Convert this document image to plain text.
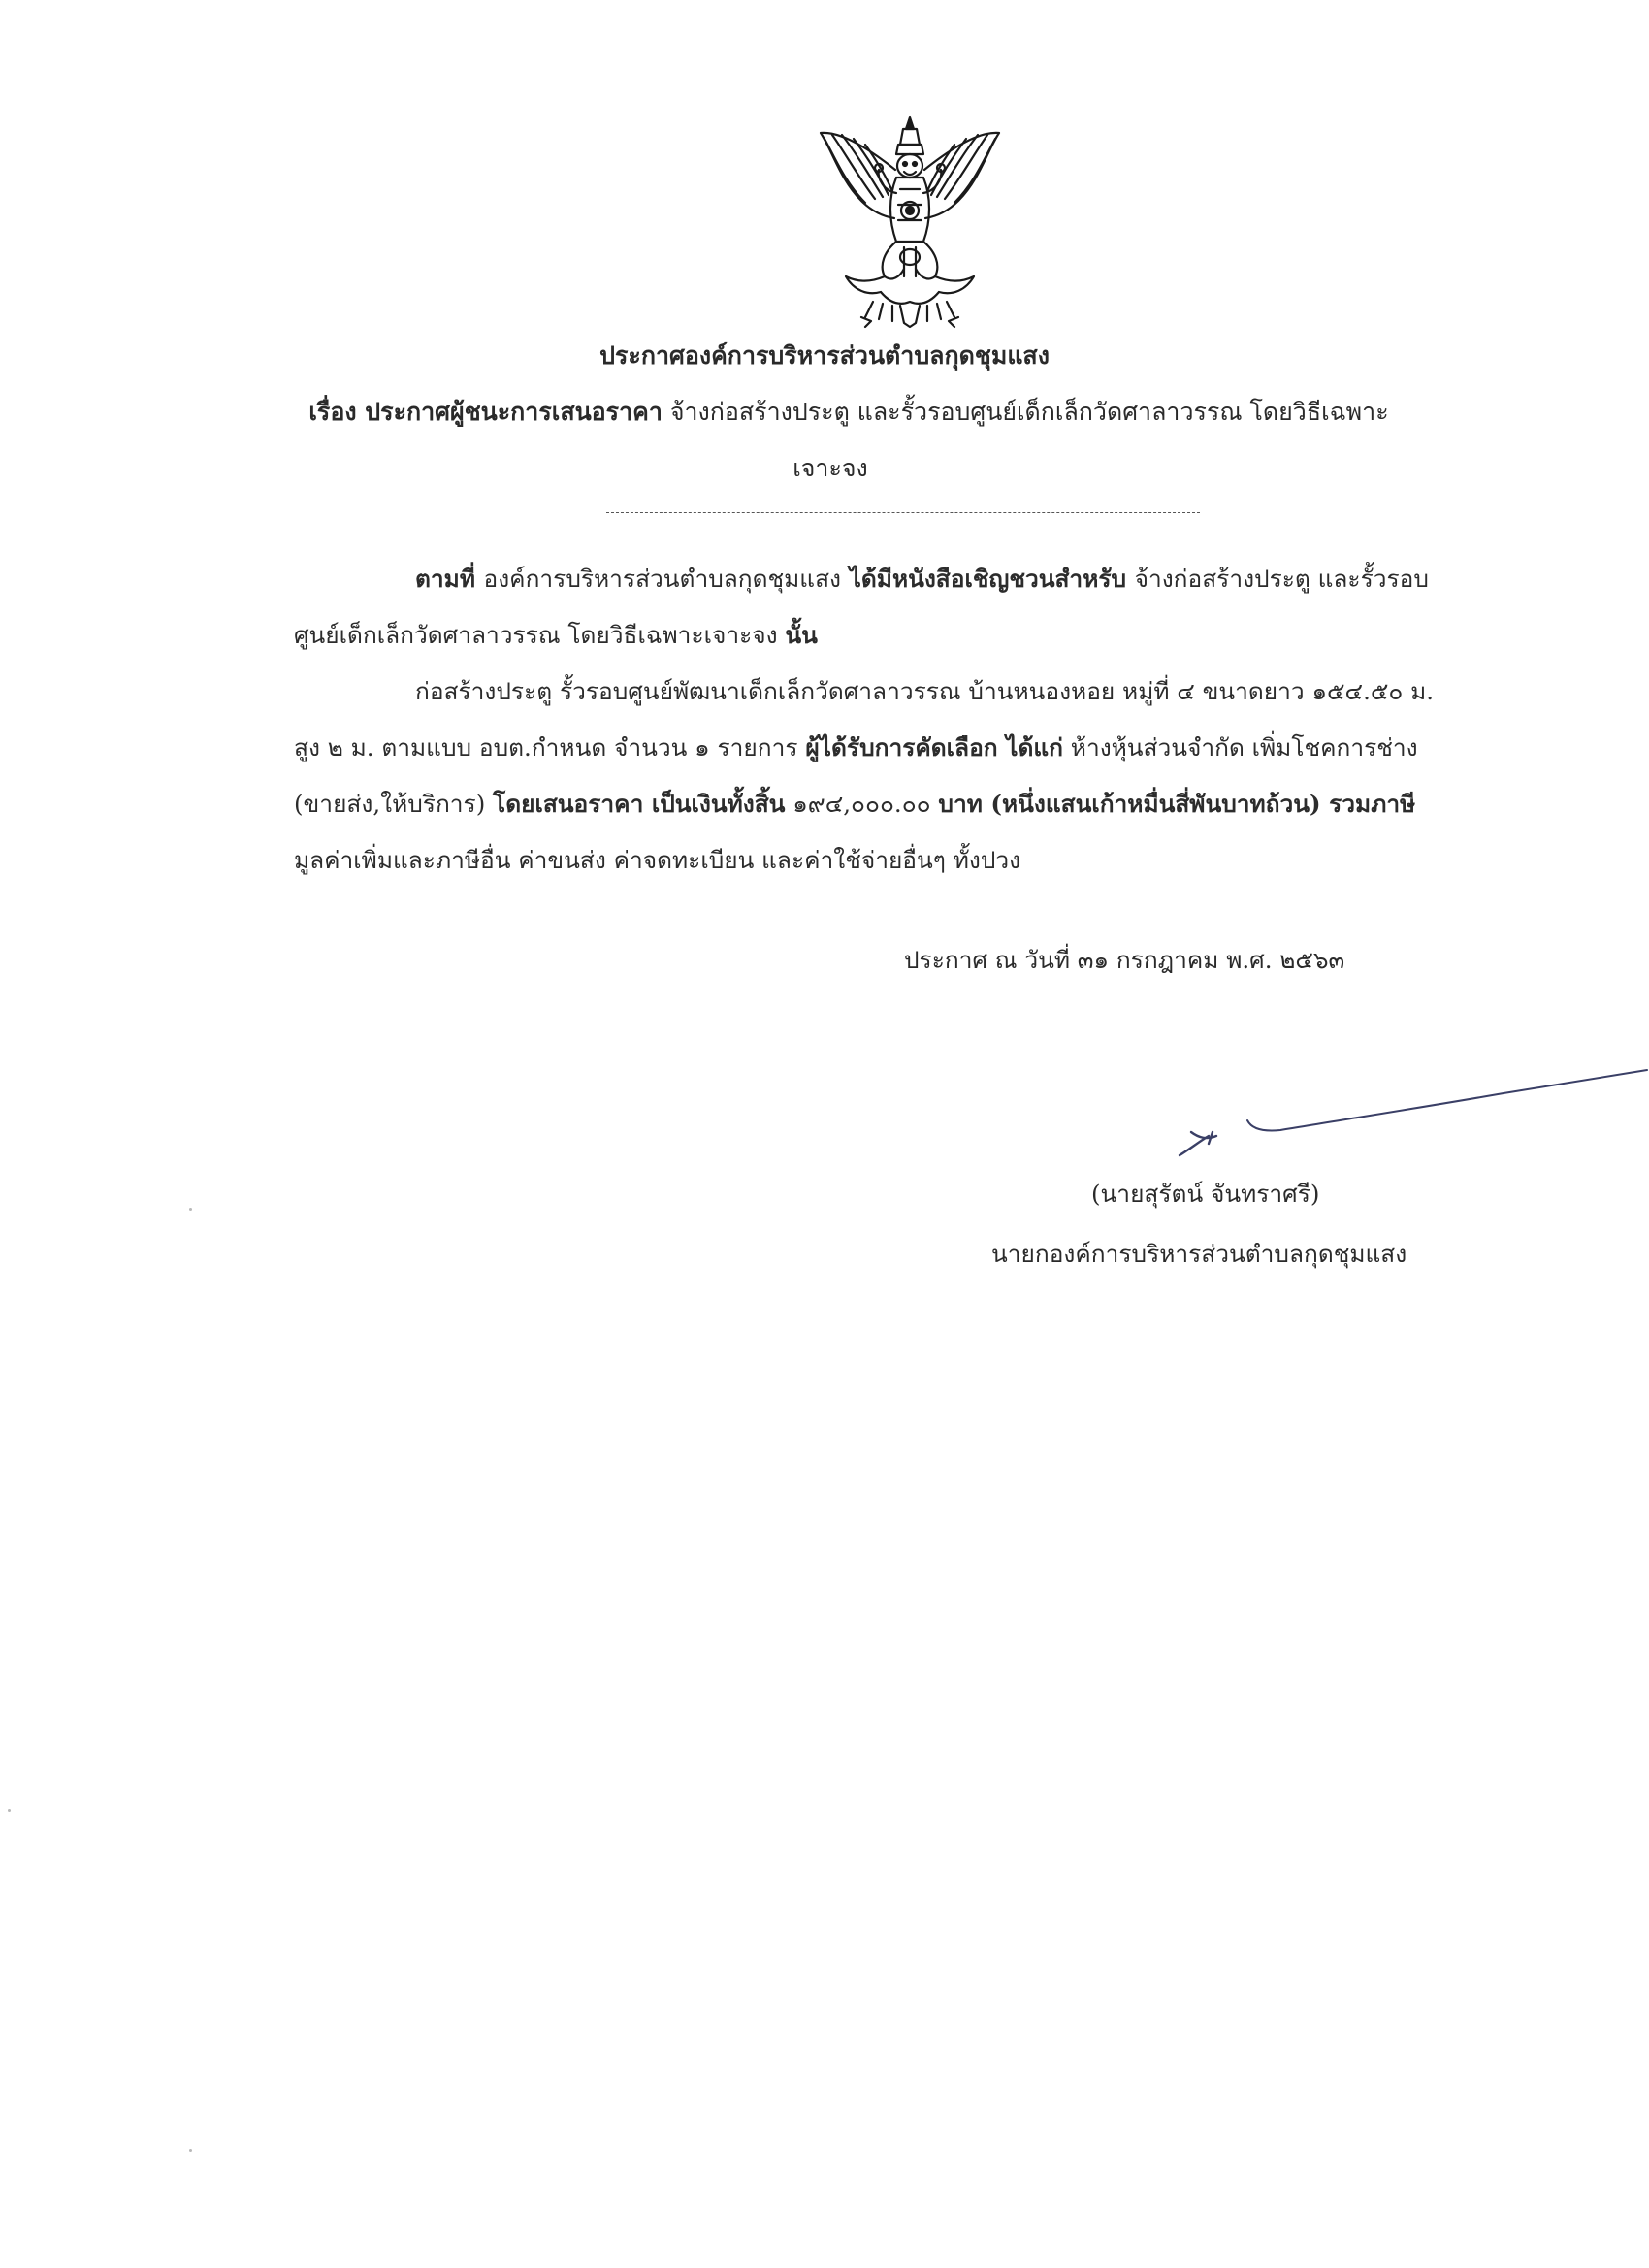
ประกาศองค์การบริหารส่วนตำบลกุดชุมแสง
เรื่อง ประกาศผู้ชนะการเสนอราคา จ้างก่อสร้างประตู และรั้วรอบศูนย์เด็กเล็กวัดศาลาวรรณ โดยวิธีเฉพาะ
เจาะจง
ตามที่ องค์การบริหารส่วนตำบลกุดชุมแสง ได้มีหนังสือเชิญชวนสำหรับ จ้างก่อสร้างประตู และรั้วรอบ
ศูนย์เด็กเล็กวัดศาลาวรรณ โดยวิธีเฉพาะเจาะจง นั้น
ก่อสร้างประตู รั้วรอบศูนย์พัฒนาเด็กเล็กวัดศาลาวรรณ บ้านหนองหอย หมู่ที่ ๔ ขนาดยาว ๑๕๔.๕๐ ม.
สูง ๒ ม. ตามแบบ อบต.กำหนด จำนวน ๑ รายการ ผู้ได้รับการคัดเลือก ได้แก่ ห้างหุ้นส่วนจำกัด เพิ่มโชคการช่าง
(ขายส่ง,ให้บริการ) โดยเสนอราคา เป็นเงินทั้งสิ้น ๑๙๔,๐๐๐.๐๐ บาท (หนึ่งแสนเก้าหมื่นสี่พันบาทถ้วน) รวมภาษี
มูลค่าเพิ่มและภาษีอื่น ค่าขนส่ง ค่าจดทะเบียน และค่าใช้จ่ายอื่นๆ ทั้งปวง
ประกาศ ณ วันที่ ๓๑ กรกฎาคม พ.ศ. ๒๕๖๓
(นายสุรัตน์ จันทราศรี)
นายกองค์การบริหารส่วนตำบลกุดชุมแสง
